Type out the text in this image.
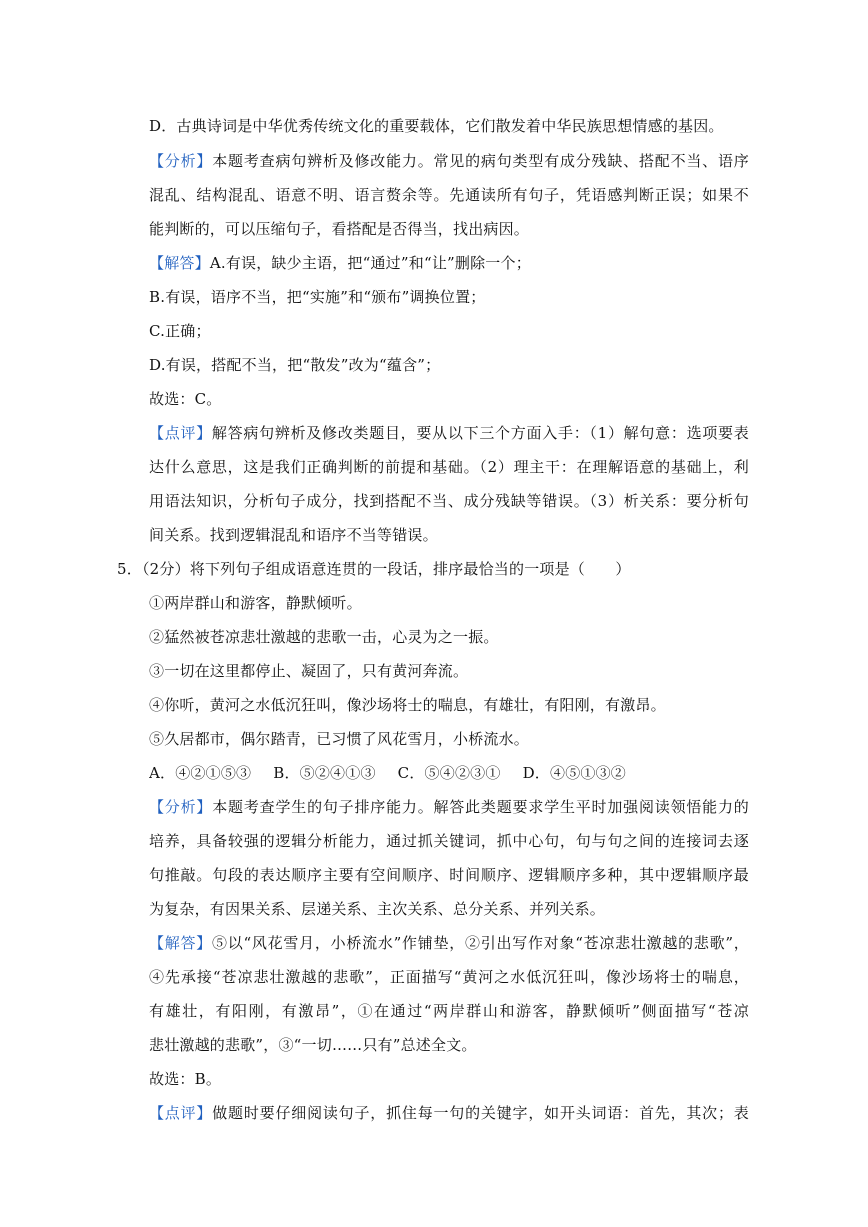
D．古典诗词是中华优秀传统文化的重要载体，它们散发着中华民族思想情感的基因。
【分析】本题考查病句辨析及修改能力。常见的病句类型有成分残缺、搭配不当、语序
混乱、结构混乱、语意不明、语言赘余等。先通读所有句子，凭语感判断正误；如果不
能判断的，可以压缩句子，看搭配是否得当，找出病因。
【解答】A.有误，缺少主语，把“通过”和“让”删除一个；
B.有误，语序不当，把“实施”和“颁布”调换位置；
C.正确；
D.有误，搭配不当，把“散发”改为“蕴含”；
故选：C。
【点评】解答病句辨析及修改类题目，要从以下三个方面入手：（1）解句意：选项要表
达什么意思，这是我们正确判断的前提和基础。（2）理主干：在理解语意的基础上，利
用语法知识，分析句子成分，找到搭配不当、成分残缺等错误。（3）析关系：要分析句
间关系。找到逻辑混乱和语序不当等错误。
5．（2分）将下列句子组成语意连贯的一段话，排序最恰当的一项是（　　）
①两岸群山和游客，静默倾听。
②猛然被苍凉悲壮激越的悲歌一击，心灵为之一振。
③一切在这里都停止、凝固了，只有黄河奔流。
④你听，黄河之水低沉狂叫，像沙场将士的喘息，有雄壮，有阳刚，有激昂。
⑤久居都市，偶尔踏青，已习惯了风花雪月，小桥流水。
A．④②①⑤③ B．⑤②④①③ C．⑤④②③① D．④⑤①③②
【分析】本题考查学生的句子排序能力。解答此类题要求学生平时加强阅读领悟能力的
培养，具备较强的逻辑分析能力，通过抓关键词，抓中心句，句与句之间的连接词去逐
句推敲。句段的表达顺序主要有空间顺序、时间顺序、逻辑顺序多种，其中逻辑顺序最
为复杂，有因果关系、层递关系、主次关系、总分关系、并列关系。
【解答】⑤以“风花雪月，小桥流水”作铺垫，②引出写作对象“苍凉悲壮激越的悲歌”，
④先承接“苍凉悲壮激越的悲歌”，正面描写“黄河之水低沉狂叫，像沙场将士的喘息，
有雄壮，有阳刚，有激昂”，①在通过“两岸群山和游客，静默倾听”侧面描写“苍凉
悲壮激越的悲歌”，③“一切……只有”总述全文。
故选：B。
【点评】做题时要仔细阅读句子，抓住每一句的关键字，如开头词语：首先，其次；表
